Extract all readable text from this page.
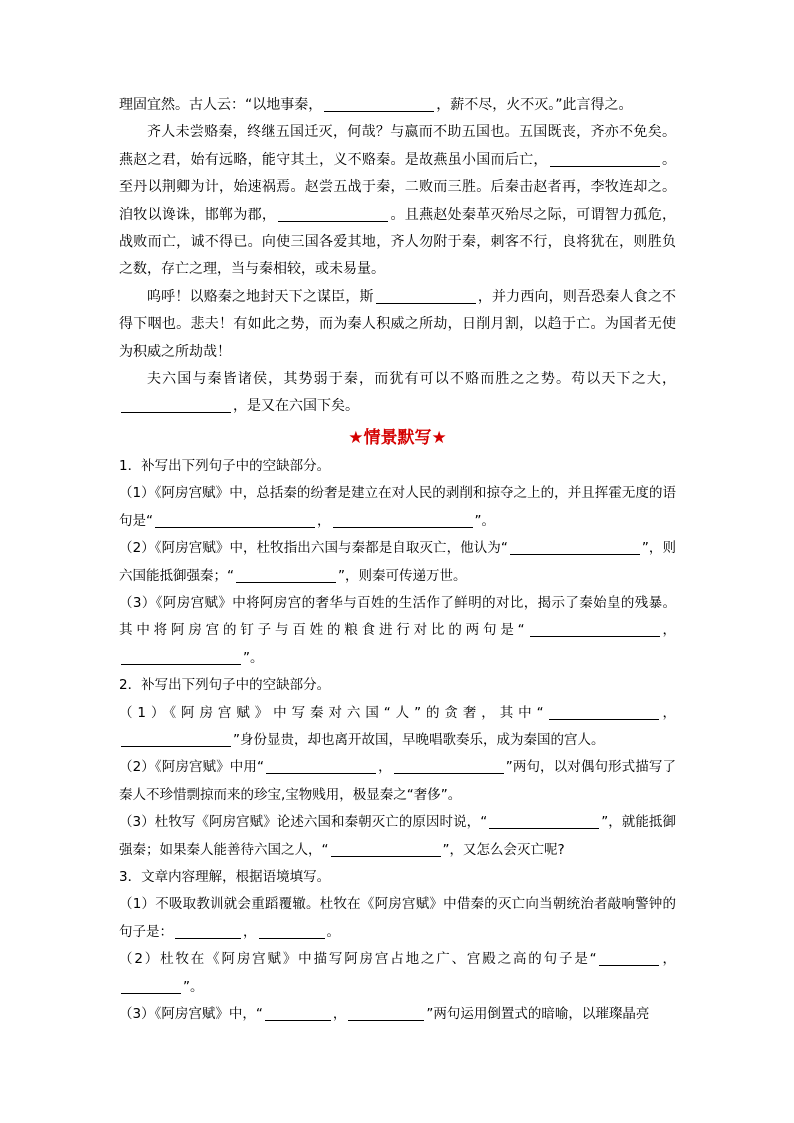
理固宜然。古人云：“以地事秦，	，薪不尽，火不灭。”此言得之。

齐人未尝赂秦，终继五国迁灭，何哉？与嬴而不助五国也。五国既丧，齐亦不免矣。燕赵之君，始有远略，能守其土，义不赂秦。是故燕虽小国而后亡，	。至丹以荆卿为计，始速祸焉。赵尝五战于秦，二败而三胜。后秦击赵者再，李牧连却之。洎牧以谗诛，邯郸为郡，	。且燕赵处秦革灭殆尽之际，可谓智力孤危，战败而亡，诚不得已。向使三国各爱其地，齐人勿附于秦，刺客不行，良将犹在，则胜负之数，存亡之理，当与秦相较，或未易量。

呜呼！以赂秦之地封天下之谋臣，斯	，并力西向，则吾恐秦人食之不得下咽也。悲夫！有如此之势，而为秦人积威之所劫，日削月割，以趋于亡。为国者无使为积威之所劫哉！

夫六国与秦皆诸侯，其势弱于秦，而犹有可以不赂而胜之之势。苟以天下之大，，是又在六国下矣。

★情景默写★

1．补写出下列句子中的空缺部分。

（1）《阿房宫赋》中，总括秦的纷奢是建立在对人民的剥削和掠夺之上的，并且挥霍无度的语句是“	，	”。

（2）《阿房宫赋》中，杜牧指出六国与秦都是自取灭亡，他认为“	”，则六国能抵御强秦；“	”，则秦可传递万世。

（3）《阿房宫赋》中将阿房宫的奢华与百姓的生活作了鲜明的对比，揭示了秦始皇的残暴。其中将阿房宫的钉子与百姓的粮食进行对比的两句是“	，”。

2．补写出下列句子中的空缺部分。

（1）《阿房宫赋》中写秦对六国“人”的贪奢，其中“	，”身份显贵，却也离开故国，早晚唱歌奏乐，成为秦国的宫人。

（2）《阿房宫赋》中用“	，	”两句，以对偶句形式描写了秦人不珍惜剽掠而来的珍宝,宝物贱用，极显秦之“奢侈”。

（3）杜牧写《阿房宫赋》论述六国和秦朝灭亡的原因时说，“	”，就能抵御强秦；如果秦人能善待六国之人，“	”，又怎么会灭亡呢?

3．文章内容理解，根据语境填写。

（1）不吸取教训就会重蹈覆辙。杜牧在《阿房宫赋》中借秦的灭亡向当朝统治者敲响警钟的句子是：	，	。

（2）杜牧在《阿房宫赋》中描写阿房宫占地之广、宫殿之高的句子是“	，”。

（3）《阿房宫赋》中，“	，	”两句运用倒置式的暗喻，以璀璨晶亮
